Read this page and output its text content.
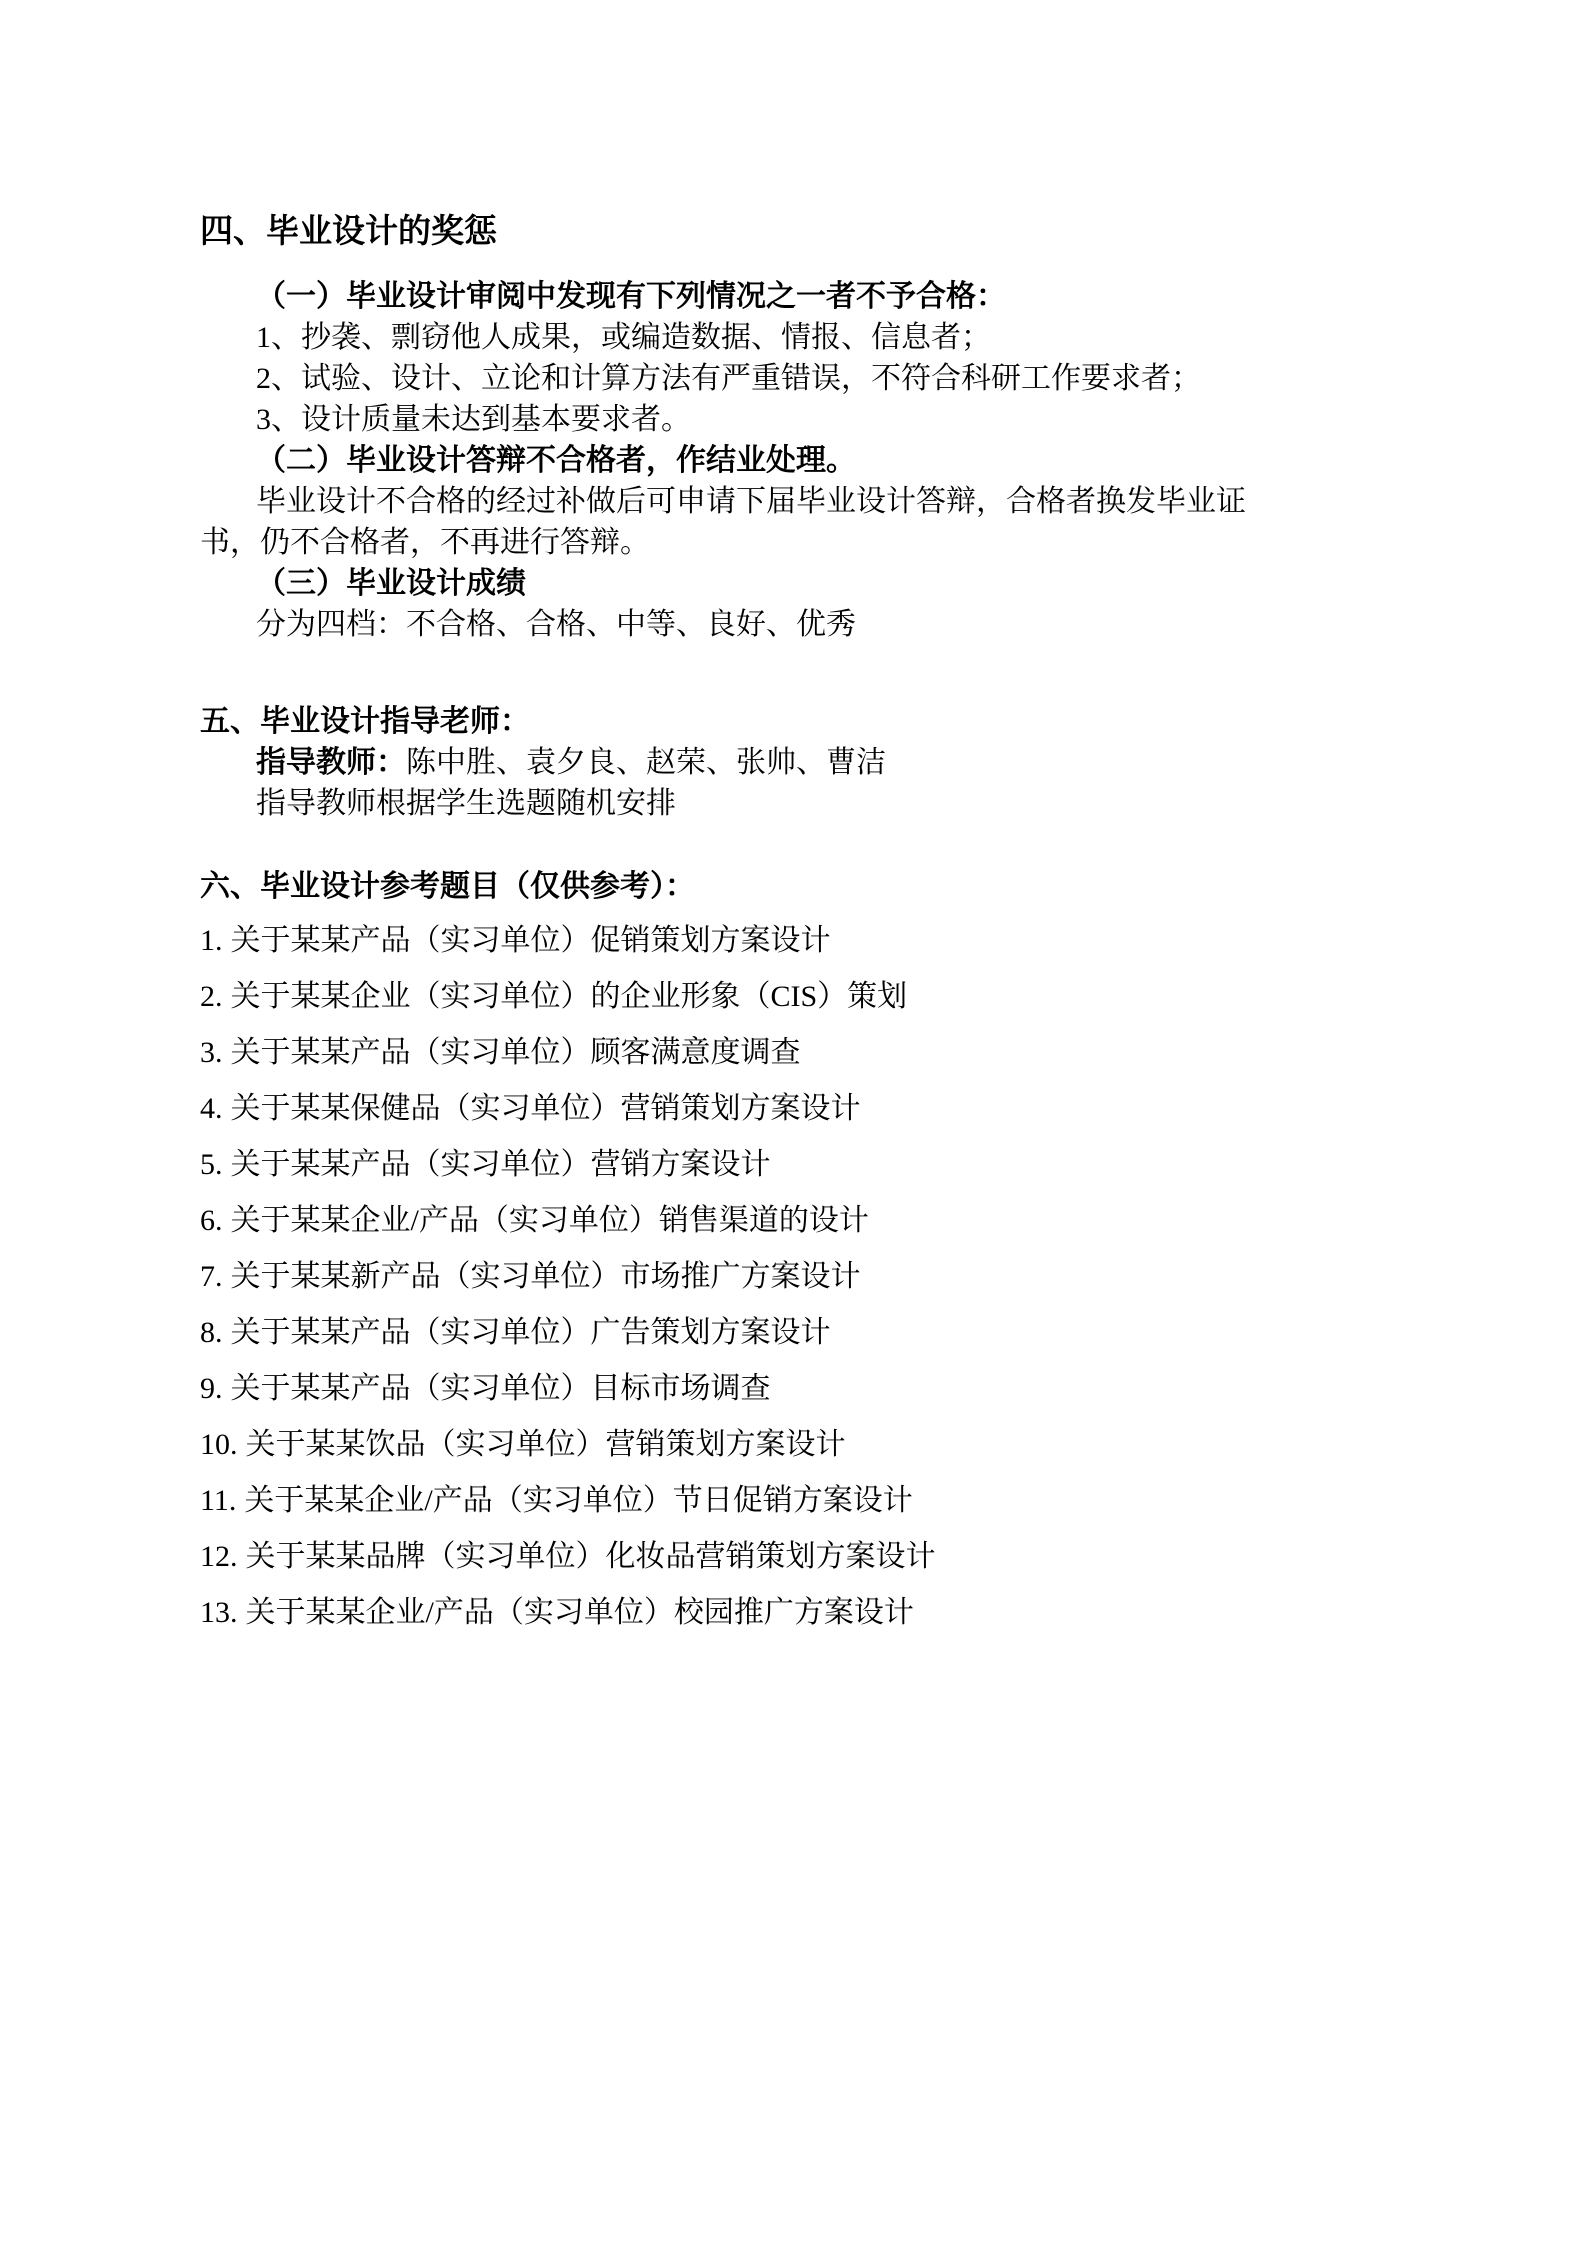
四、毕业设计的奖惩
（一）毕业设计审阅中发现有下列情况之一者不予合格：
1、抄袭、剽窃他人成果，或编造数据、情报、信息者；
2、试验、设计、立论和计算方法有严重错误，不符合科研工作要求者；
3、设计质量未达到基本要求者。
（二）毕业设计答辩不合格者，作结业处理。
毕业设计不合格的经过补做后可申请下届毕业设计答辩，合格者换发毕业证
书，仍不合格者，不再进行答辩。
（三）毕业设计成绩
分为四档：不合格、合格、中等、良好、优秀
五、毕业设计指导老师：
指导教师：陈中胜、袁夕良、赵荣、张帅、曹洁
指导教师根据学生选题随机安排
六、毕业设计参考题目（仅供参考）：
1. 关于某某产品（实习单位）促销策划方案设计
2. 关于某某企业（实习单位）的企业形象（CIS）策划
3. 关于某某产品（实习单位）顾客满意度调查
4. 关于某某保健品（实习单位）营销策划方案设计
5. 关于某某产品（实习单位）营销方案设计
6. 关于某某企业/产品（实习单位）销售渠道的设计
7. 关于某某新产品（实习单位）市场推广方案设计
8. 关于某某产品（实习单位）广告策划方案设计
9. 关于某某产品（实习单位）目标市场调查
10. 关于某某饮品（实习单位）营销策划方案设计
11. 关于某某企业/产品（实习单位）节日促销方案设计
12. 关于某某品牌（实习单位）化妆品营销策划方案设计
13. 关于某某企业/产品（实习单位）校园推广方案设计
